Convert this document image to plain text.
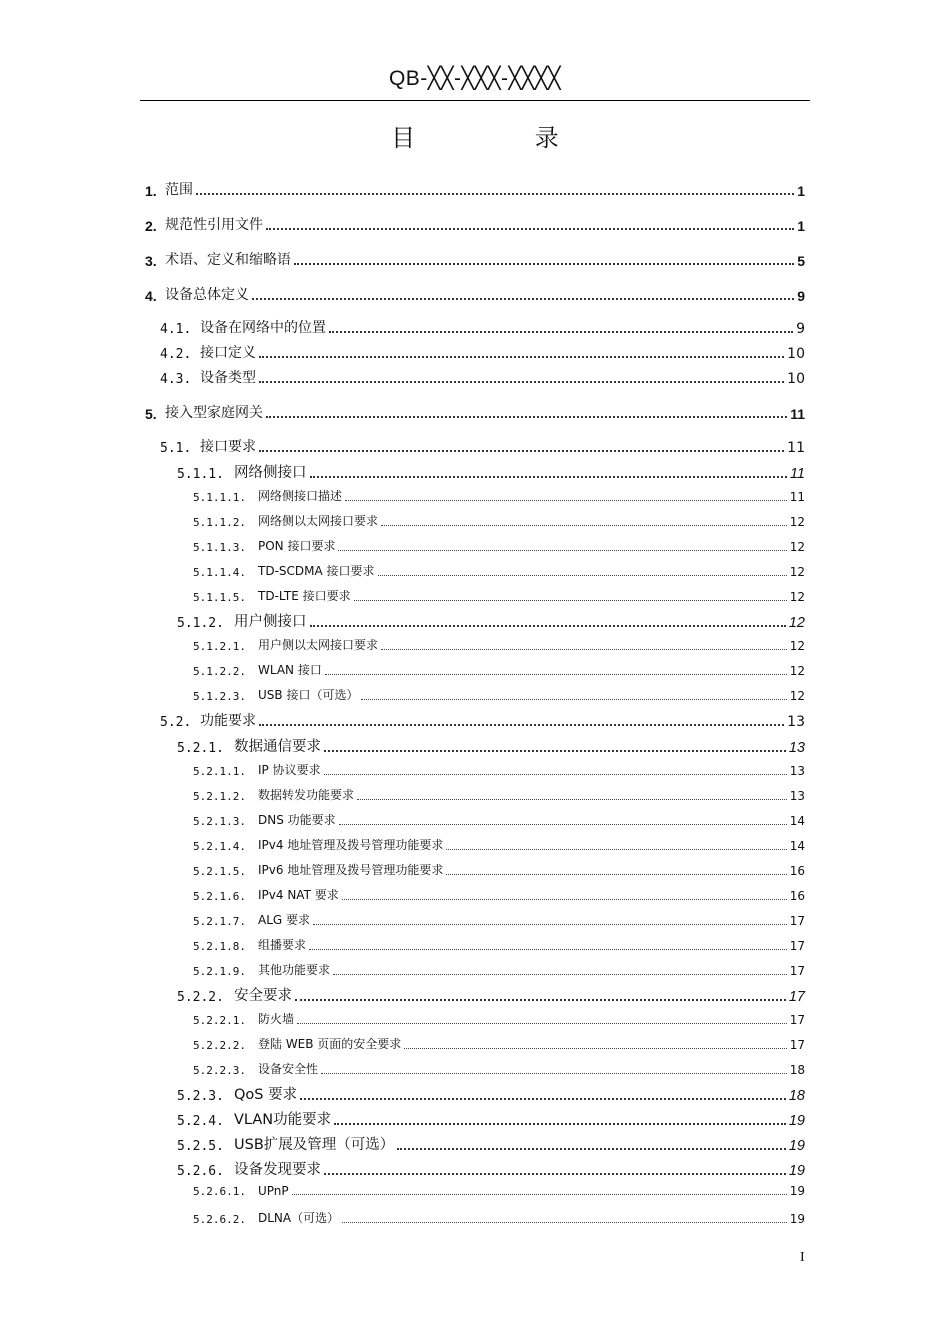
QB-╳╳-╳╳╳-╳╳╳╳
目 录
1. 范围	1
2. 规范性引用文件	1
3. 术语、定义和缩略语	5
4. 设备总体定义	9
4.1. 设备在网络中的位置	9
4.2. 接口定义	10
4.3. 设备类型	10
5. 接入型家庭网关	11
5.1. 接口要求	11
5.1.1. 网络侧接口	11
5.1.1.1.	网络侧接口描述	11
5.1.1.2.	网络侧以太网接口要求	12
5.1.1.3.	PON 接口要求	12
5.1.1.4.	TD-SCDMA 接口要求	12
5.1.1.5.	TD-LTE 接口要求	12
5.1.2. 用户侧接口	12
5.1.2.1.	用户侧以太网接口要求	12
5.1.2.2.	WLAN 接口	12
5.1.2.3.	USB 接口（可选）	12
5.2. 功能要求	13
5.2.1. 数据通信要求	13
5.2.1.1.	IP 协议要求	13
5.2.1.2.	数据转发功能要求	13
5.2.1.3.	DNS 功能要求	14
5.2.1.4.	IPv4 地址管理及拨号管理功能要求	14
5.2.1.5.	IPv6 地址管理及拨号管理功能要求	16
5.2.1.6.	IPv4 NAT 要求	16
5.2.1.7.	ALG 要求	17
5.2.1.8.	组播要求	17
5.2.1.9.	其他功能要求	17
5.2.2. 安全要求	17
5.2.2.1.	防火墙	17
5.2.2.2.	登陆 WEB 页面的安全要求	17
5.2.2.3.	设备安全性	18
5.2.3. QoS 要求	18
5.2.4. VLAN功能要求	19
5.2.5. USB扩展及管理（可选）	19
5.2.6. 设备发现要求	19
5.2.6.1.	UPnP	19
5.2.6.2.	DLNA（可选）	19
I
